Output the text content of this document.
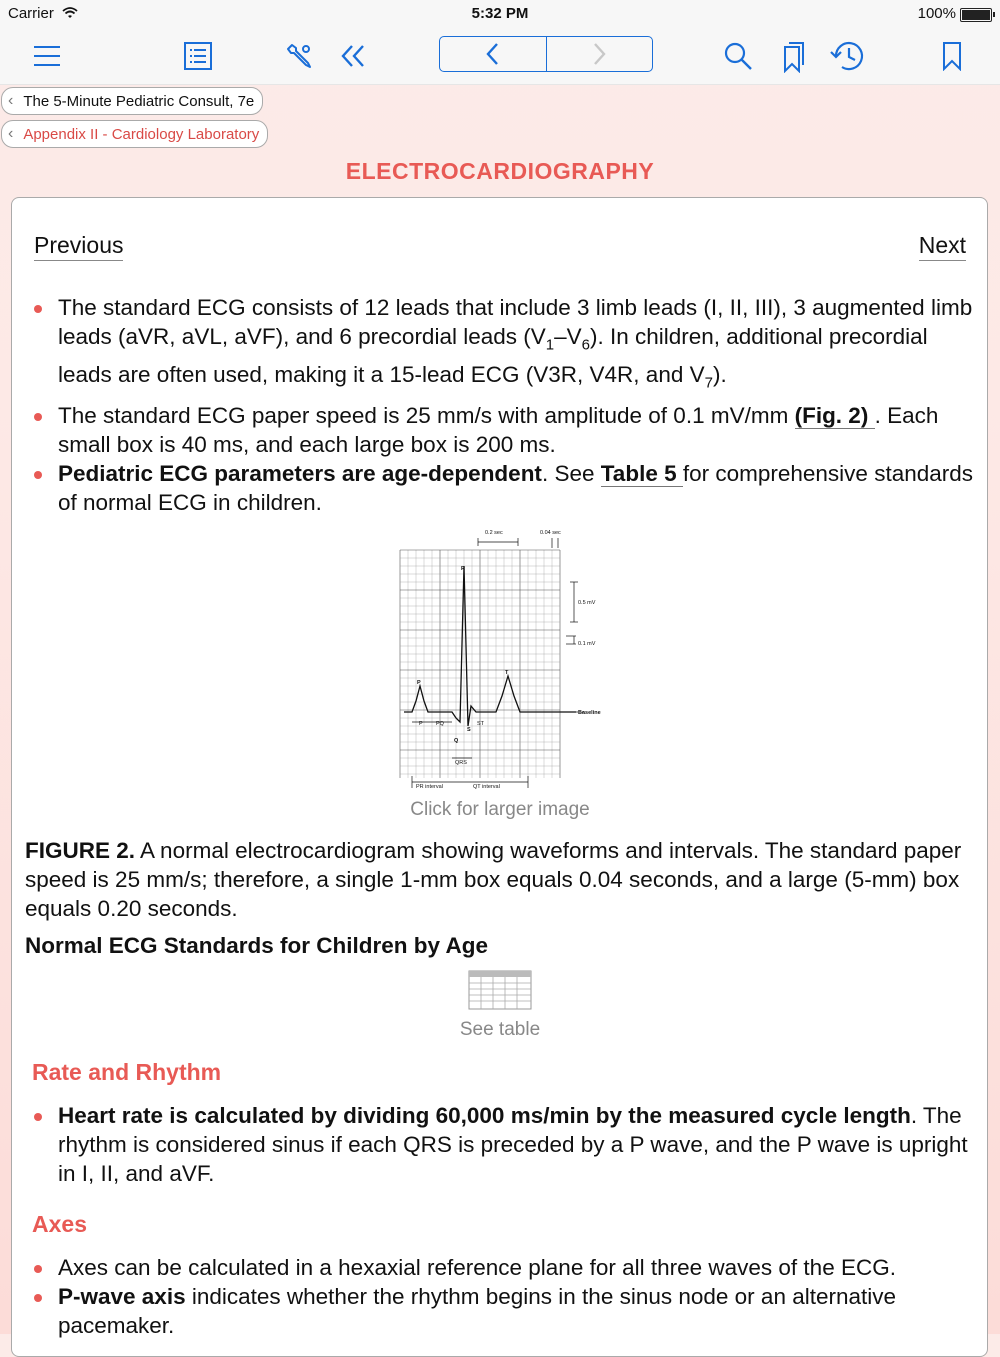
Carrier	5:32 PM	100%
‹ The 5-Minute Pediatric Consult, 7e
‹ Appendix II - Cardiology Laboratory
ELECTROCARDIOGRAPHY
Previous	Next
The standard ECG consists of 12 leads that include 3 limb leads (I, II, III), 3 augmented limb leads (aVR, aVL, aVF), and 6 precordial leads $(V_1-V_6)$. In children, additional precordial leads are often used, making it a 15-lead ECG (V3R, V4R, and $V_7$).
The standard ECG paper speed is 25 mm/s with amplitude of 0.1 mV/mm (Fig. 2) . Each small box is 40 ms, and each large box is 200 ms.
Pediatric ECG parameters are age-dependent. See Table 5 for comprehensive standards of normal ECG in children.
0.2 sec	0.04 sec
R
0.5 mV
0.1 mV
T
P
Baseline
P PQ	ST
S
Q
QRS
PR interval	QT interval
Click for larger image
FIGURE 2. A normal electrocardiogram showing waveforms and intervals. The standard paper speed is 25 mm/s; therefore, a single 1-mm box equals 0.04 seconds, and a large (5-mm) box equals 0.20 seconds.
Normal ECG Standards for Children by Age
See table
Rate and Rhythm
Heart rate is calculated by dividing 60,000 ms/min by the measured cycle length. The rhythm is considered sinus if each QRS is preceded by a P wave, and the P wave is upright in I, II, and aVF.
Axes
Axes can be calculated in a hexaxial reference plane for all three waves of the ECG.
P-wave axis indicates whether the rhythm begins in the sinus node or an alternative pacemaker.
